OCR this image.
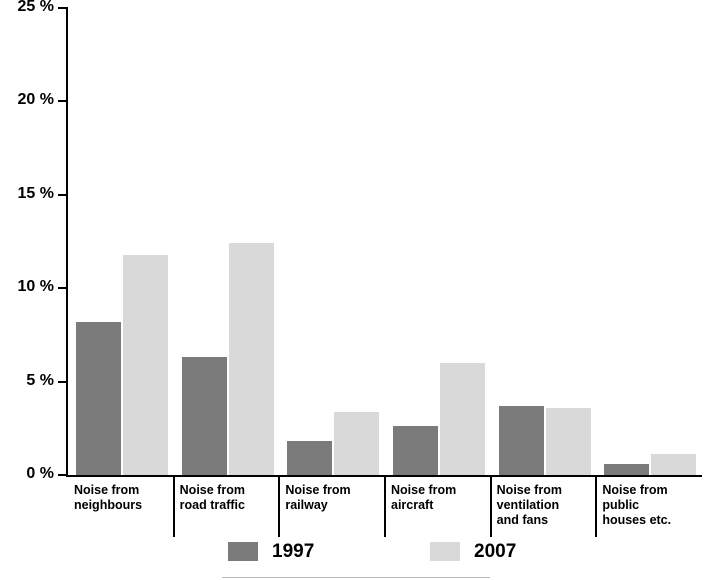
0 %
5 %
10 %
15 %
20 %
25 %
Noise from
neighbours
Noise from
road traffic
Noise from
railway
Noise from
aircraft
Noise from
ventilation
and fans
Noise from
public
houses etc.
1997	2007
